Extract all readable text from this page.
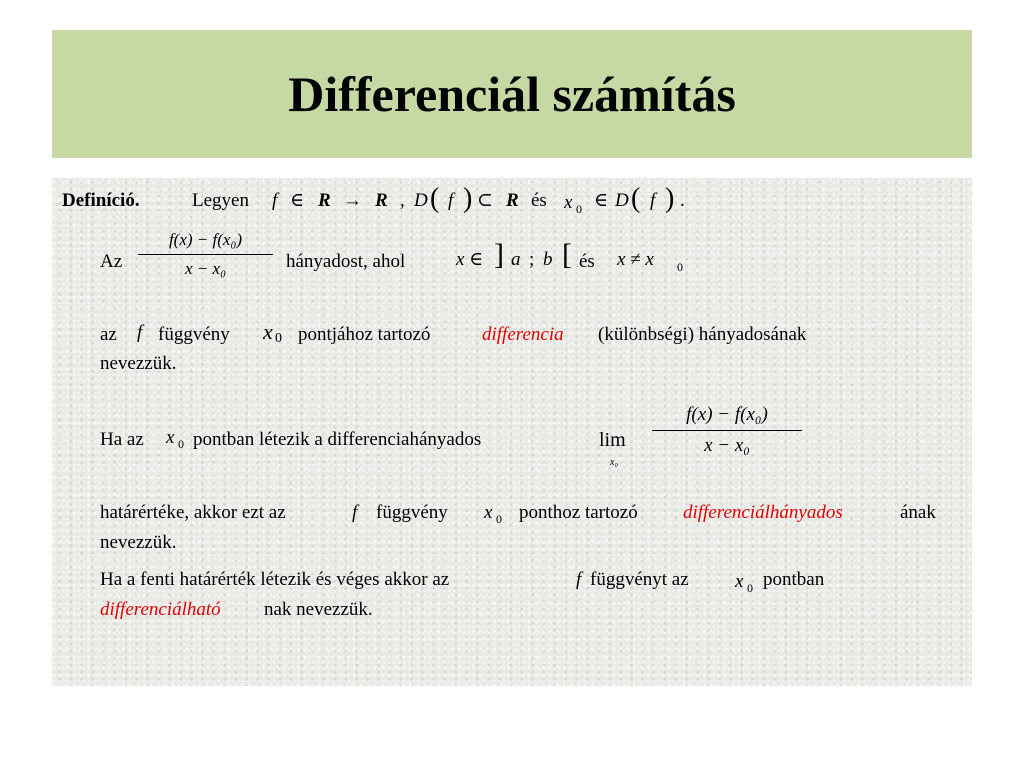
Differenciál számítás
Definíció.	Legyen f ∈ R → R , D ( f ) ⊂ R és x 0 ∈ D ( f ) .
Az
f(x) − f(x₀)
x − x₀	hányadost, ahol	x ∈ ] a ; b [ és x ≠ x 0
az f függvény x 0 pontjához tartozó	differencia (különbségi) hányadosának
nevezzük.
Ha az x 0 pontban létezik a differenciahányados	lim
x₀
f(x) − f(x₀)
x − x₀
határértéke, akkor ezt az	f függvény x 0 ponthoz tartozó differenciálhányados	ának
nevezzük.
Ha a fenti határérték létezik és véges akkor az	f függvényt az x 0 pontban
differenciálható nak nevezzük.
